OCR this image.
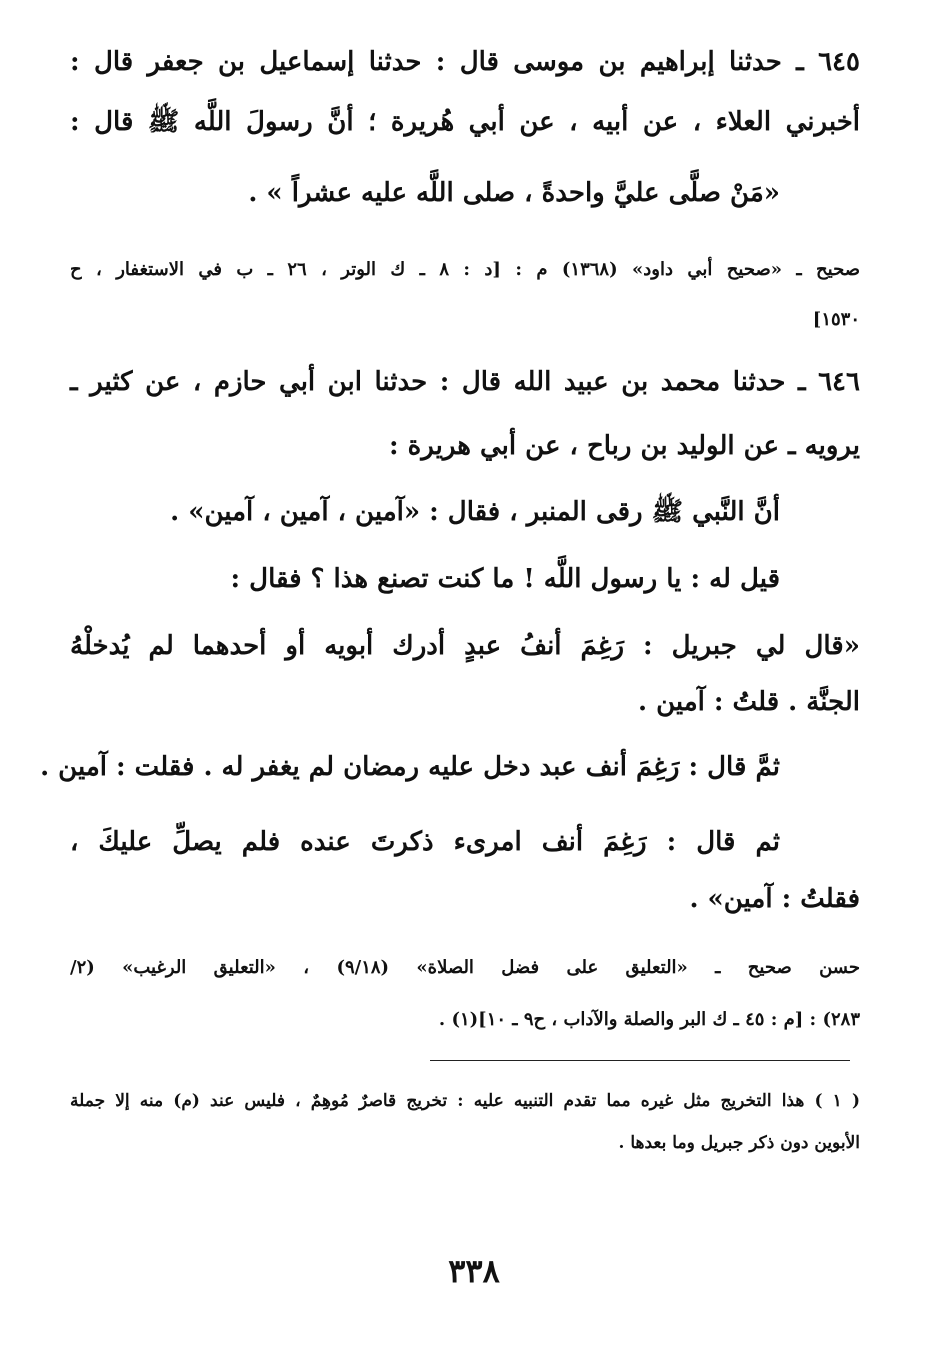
٦٤٥ ـ حدثنا إبراهيم بن موسى قال : حدثنا إسماعيل بن جعفر قال :
أخبرني العلاء ، عن أبيه ، عن أبي هُريرة ؛ أنَّ رسولَ اللَّه ﷺ قال :
«مَنْ صلَّى عليَّ واحدةً ، صلى اللَّه عليه عشراً » .
صحيح ـ «صحيح أبي داود» (١٣٦٨) م : [د : ٨ ـ ك الوتر ، ٢٦ ـ ب في الاستغفار ، ح
١٥٣٠]
٦٤٦ ـ حدثنا محمد بن عبيد الله قال : حدثنا ابن أبي حازم ، عن كثير ـ
يرويه ـ عن الوليد بن رباح ، عن أبي هريرة :
أنَّ النَّبي ﷺ رقى المنبر ، فقال : «آمين ، آمين ، آمين» .
قيل له : يا رسول اللَّه ! ما كنت تصنع هذا ؟ فقال :
«قال لي جبريل : رَغِمَ أنفُ عبدٍ أدرك أبويه أو أحدهما لم يُدخلْهُ
الجنَّة . قلتُ : آمين .
ثمَّ قال : رَغِمَ أنف عبد دخل عليه رمضان لم يغفر له . فقلت : آمين .
ثم قال : رَغِمَ أنف امرىء ذكرتَ عنده فلم يصلِّ عليكَ ،
فقلتُ : آمين» .
حسن صحيح ـ «التعليق على فضل الصلاة» (٩/١٨) ، «التعليق الرغيب» (٢/
٢٨٣) : [م : ٤٥ ـ ك البر والصلة والآداب ، ح٩ ـ ١٠](١) .
( ١ ) هذا التخريج مثل غيره مما تقدم التنبيه عليه : تخريج قاصرٌ مُوهِمٌ ، فليس عند (م) منه إلا جملة
الأبوين دون ذكر جبريل وما بعدها .
٣٣٨
